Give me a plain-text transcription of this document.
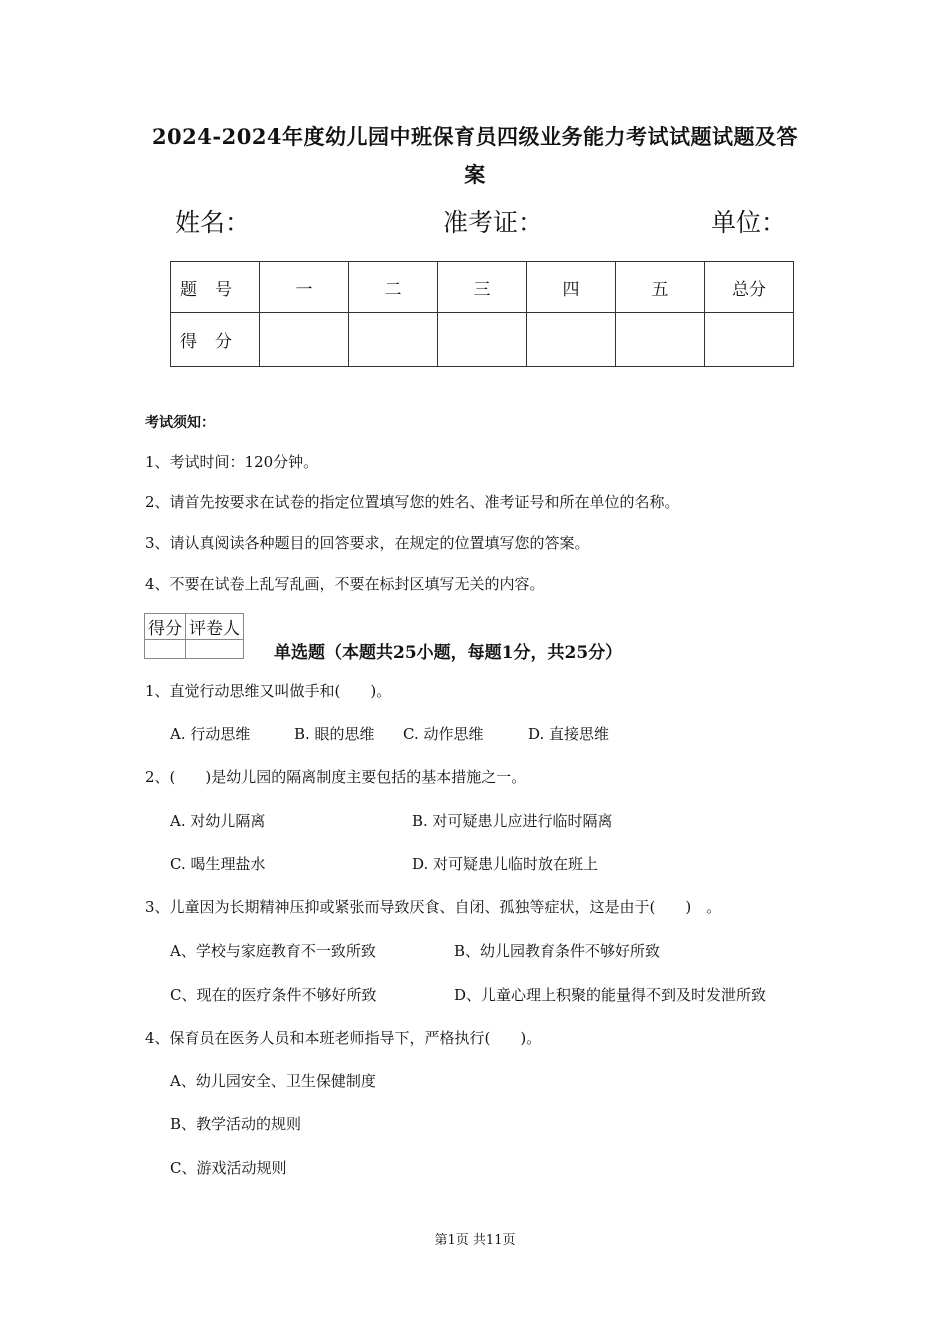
2024-2024年度幼儿园中班保育员四级业务能力考试试题试题及答
案
姓名：	准考证：	单位：
题号	一	二	三	四	五	总分
得分						
考试须知：
1、考试时间：120分钟。
2、请首先按要求在试卷的指定位置填写您的姓名、准考证号和所在单位的名称。
3、请认真阅读各种题目的回答要求，在规定的位置填写您的答案。
4、不要在试卷上乱写乱画，不要在标封区填写无关的内容。
得分	评卷人

单选题（本题共25小题，每题1分，共25分）
1、直觉行动思维又叫做手和(　　)。
A. 行动思维	B. 眼的思维 C. 动作思维	D. 直接思维
2、(　　)是幼儿园的隔离制度主要包括的基本措施之一。
A. 对幼儿隔离	B. 对可疑患儿应进行临时隔离
C. 喝生理盐水	D. 对可疑患儿临时放在班上
3、儿童因为长期精神压抑或紧张而导致厌食、自闭、孤独等症状，这是由于(　　)　。
A、学校与家庭教育不一致所致	B、幼儿园教育条件不够好所致
C、现在的医疗条件不够好所致	D、儿童心理上积聚的能量得不到及时发泄所致
4、保育员在医务人员和本班老师指导下，严格执行(　　)。
A、幼儿园安全、卫生保健制度
B、教学活动的规则
C、游戏活动规则
第1页 共11页
